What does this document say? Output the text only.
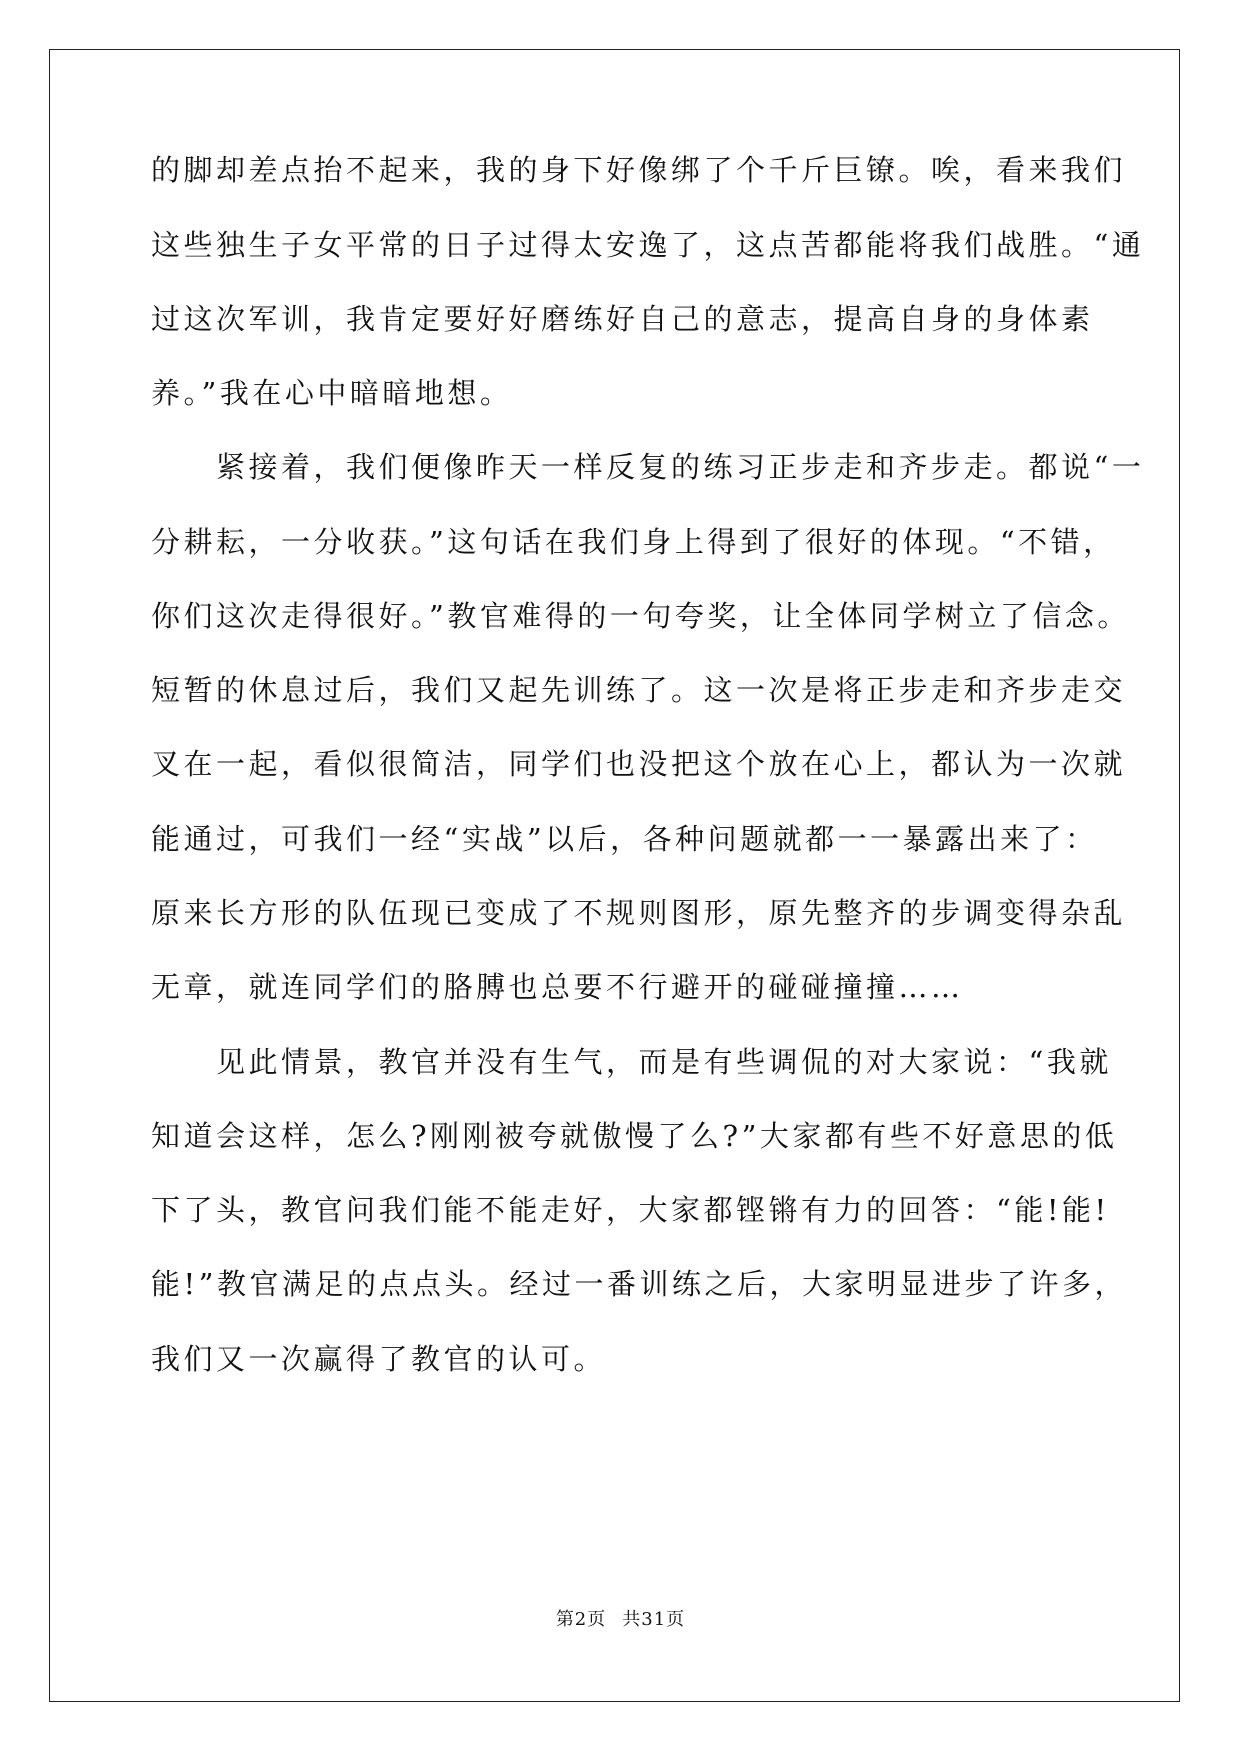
的脚却差点抬不起来，我的身下好像绑了个千斤巨镣。唉，看来我们
这些独生子女平常的日子过得太安逸了，这点苦都能将我们战胜。“通
过这次军训，我肯定要好好磨练好自己的意志，提高自身的身体素
养。”我在心中暗暗地想。
　　紧接着，我们便像昨天一样反复的练习正步走和齐步走。都说“一
分耕耘，一分收获。”这句话在我们身上得到了很好的体现。“不错，
你们这次走得很好。”教官难得的一句夸奖，让全体同学树立了信念。
短暂的休息过后，我们又起先训练了。这一次是将正步走和齐步走交
叉在一起，看似很简洁，同学们也没把这个放在心上，都认为一次就
能通过，可我们一经“实战”以后，各种问题就都一一暴露出来了：
原来长方形的队伍现已变成了不规则图形，原先整齐的步调变得杂乱
无章，就连同学们的胳膊也总要不行避开的碰碰撞撞……
　　见此情景，教官并没有生气，而是有些调侃的对大家说：“我就
知道会这样，怎么?刚刚被夸就傲慢了么?”大家都有些不好意思的低
下了头，教官问我们能不能走好，大家都铿锵有力的回答：“能!能!
能!”教官满足的点点头。经过一番训练之后，大家明显进步了许多，
我们又一次赢得了教官的认可。
第2页 共31页
